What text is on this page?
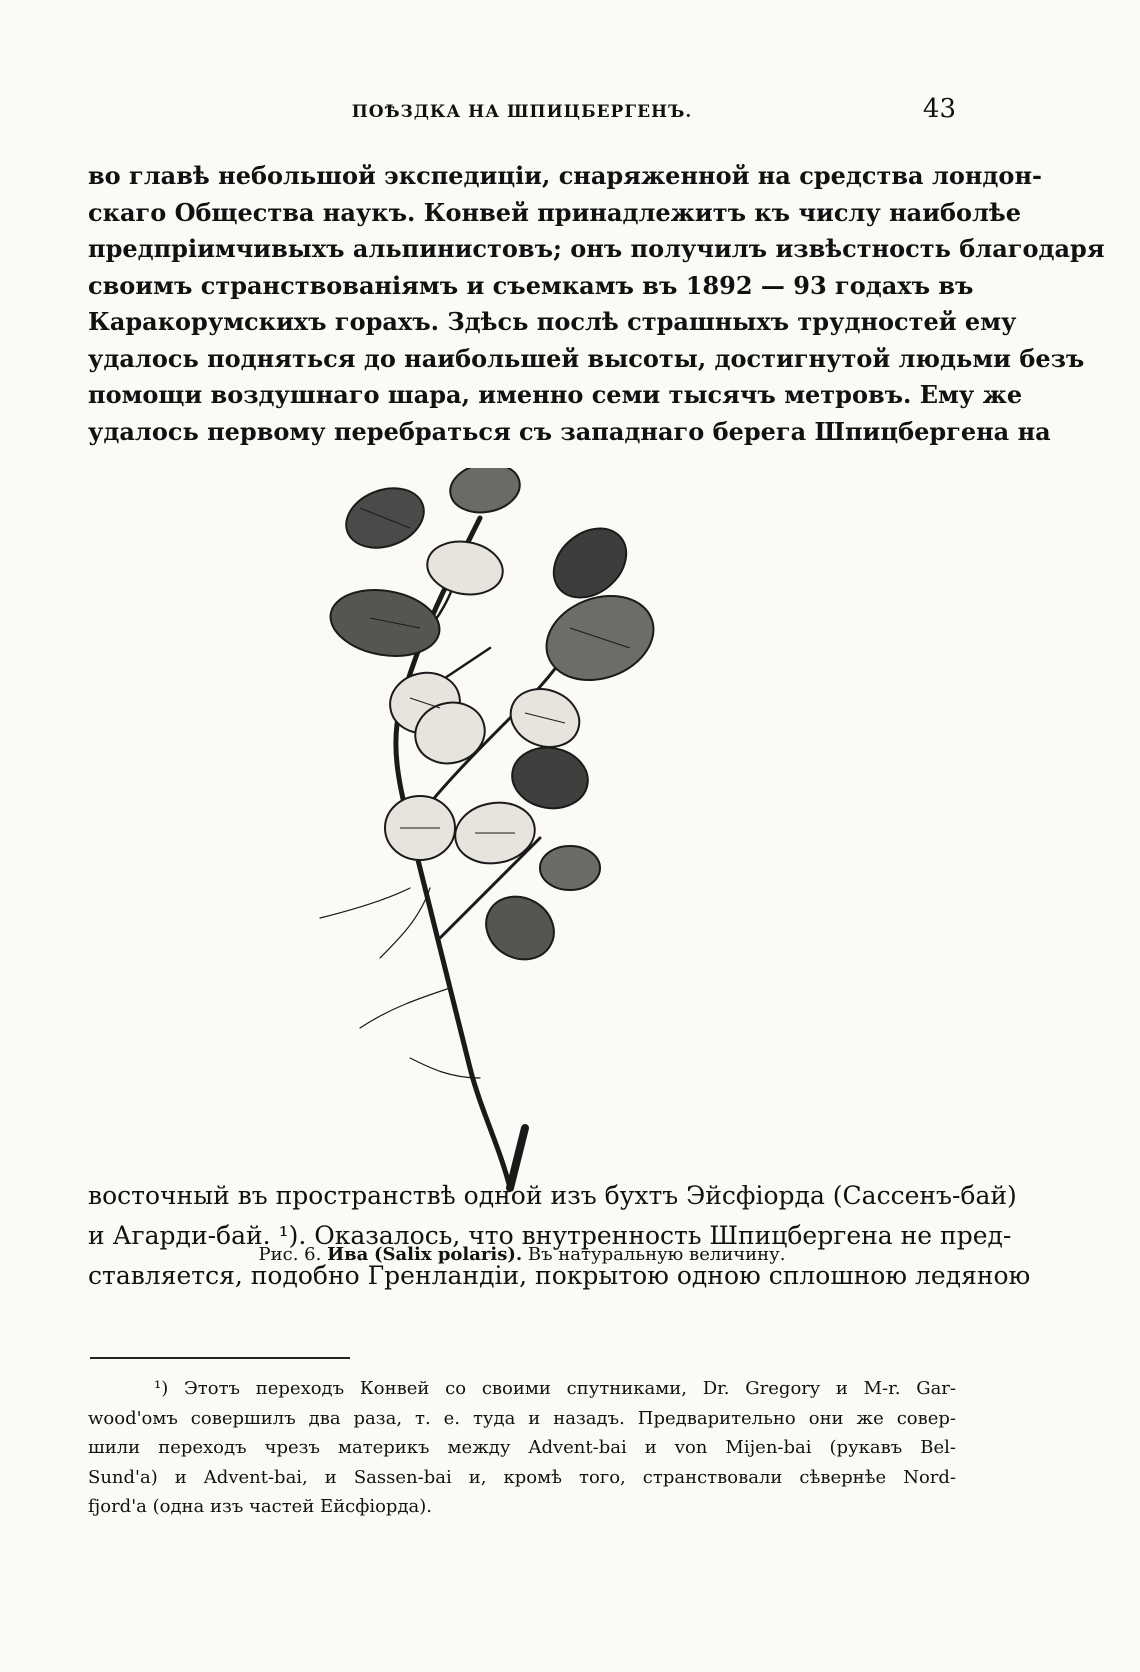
ПОѢЗДКА НА ШПИЦБЕРГЕНЪ.	43
во главѣ небольшой экспедиціи, снаряженной на средства лондон-
скаго Общества наукъ. Конвей принадлежитъ къ числу наиболѣе
предпріимчивыхъ альпинистовъ; онъ получилъ извѣстность благодаря
своимъ странствованіямъ и съемкамъ въ 1892 — 93 годахъ въ
Каракорумскихъ горахъ. Здѣсь послѣ страшныхъ трудностей ему
удалось подняться до наибольшей высоты, достигнутой людьми безъ
помощи воздушнаго шара, именно семи тысячъ метровъ. Ему же
удалось первому перебраться съ западнаго берега Шпицбергена на
Рис. 6. Ива (Salix polaris). Въ натуральную величину.
восточный въ пространствѣ одной изъ бухтъ Эйсфіорда (Сассенъ-бай)
и Агарди-бай. ¹). Оказалось, что внутренность Шпицбергена не пред-
ставляется, подобно Гренландіи, покрытою одною сплошною ледяною
¹) Этотъ переходъ Конвей со своими спутниками, Dr. Gregory и M-r. Gar-
wood'омъ совершилъ два раза, т. е. туда и назадъ. Предварительно они же совер-
шили переходъ чрезъ материкъ между Advent-bai и von Mijen-bai (рукавъ Bel-
Sund'a) и Advent-bai, и Sassen-bai и, кромѣ того, странствовали сѣвернѣе Nord-
fjord'а (одна изъ частей Eйсфіорда).
